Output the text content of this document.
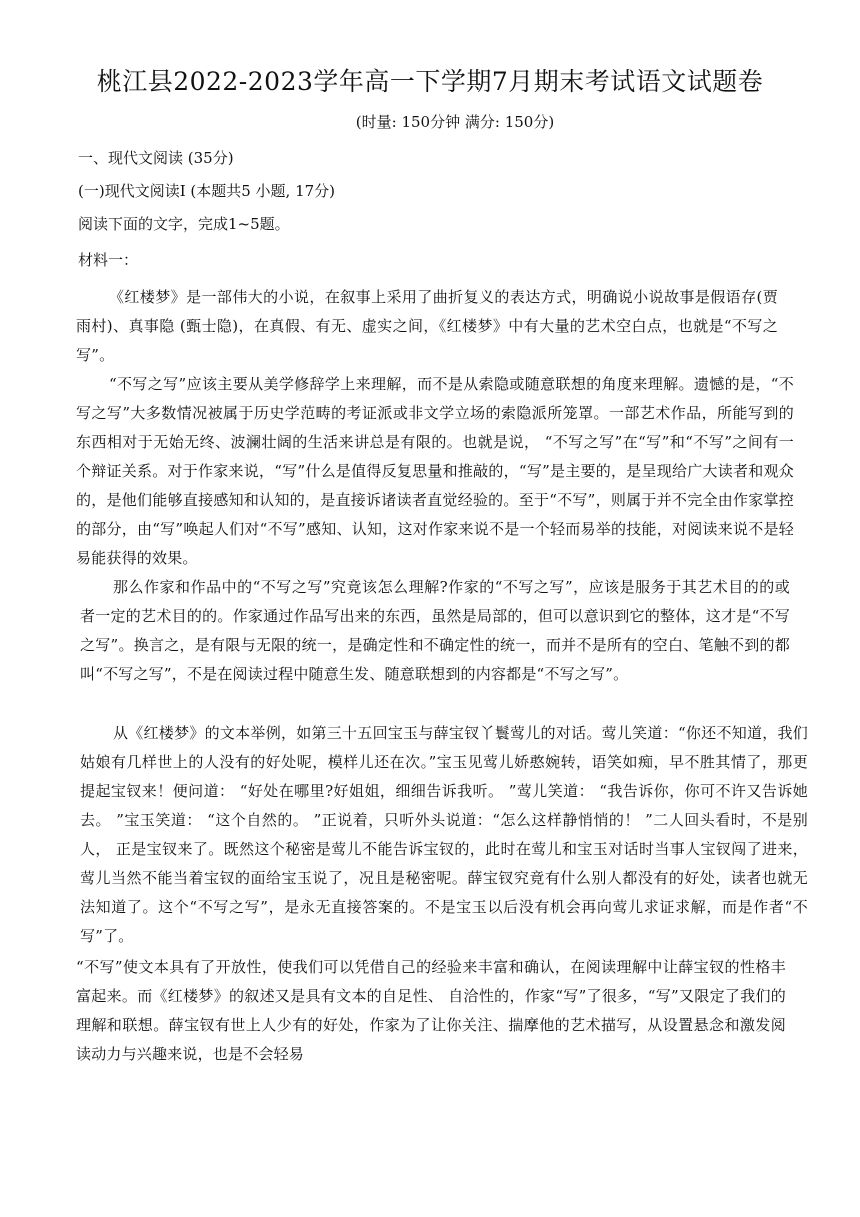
桃江县2022-2023学年高一下学期7月期末考试语文试题卷
(时量: 150分钟 满分: 150分)
一、现代文阅读 (35分)
(一)现代文阅读Ⅰ (本题共5 小题, 17分)
阅读下面的文字，完成1~5题。
材料一：
《红楼梦》是一部伟大的小说，在叙事上采用了曲折复义的表达方式，明确说小说故事是假语存(贾雨村)、真事隐 (甄士隐)，在真假、有无、虚实之间，《红楼梦》中有大量的艺术空白点，也就是“不写之写”。
“不写之写”应该主要从美学修辞学上来理解，而不是从索隐或随意联想的角度来理解。遗憾的是，“不写之写”大多数情况被属于历史学范畴的考证派或非文学立场的索隐派所笼罩。一部艺术作品，所能写到的东西相对于无始无终、波澜壮阔的生活来讲总是有限的。也就是说， “不写之写”在“写”和“不写”之间有一个辩证关系。对于作家来说，“写”什么是值得反复思量和推敲的，“写”是主要的，是呈现给广大读者和观众的，是他们能够直接感知和认知的，是直接诉诸读者直觉经验的。至于“不写”，则属于并不完全由作家掌控的部分，由“写”唤起人们对“不写”感知、认知，这对作家来说不是一个轻而易举的技能，对阅读来说不是轻易能获得的效果。
那么作家和作品中的“不写之写”究竟该怎么理解?作家的“不写之写”，应该是服务于其艺术目的的或者一定的艺术目的的。作家通过作品写出来的东西，虽然是局部的，但可以意识到它的整体，这才是“不写之写”。换言之，是有限与无限的统一，是确定性和不确定性的统一，而并不是所有的空白、笔触不到的都叫“不写之写”，不是在阅读过程中随意生发、随意联想到的内容都是“不写之写”。
从《红楼梦》的文本举例，如第三十五回宝玉与薛宝钗丫鬟莺儿的对话。莺儿笑道：“你还不知道，我们姑娘有几样世上的人没有的好处呢，模样儿还在次。”宝玉见莺儿娇憨婉转，语笑如痴，早不胜其情了，那更提起宝钗来！便问道： “好处在哪里?好姐姐，细细告诉我听。 ”莺儿笑道： “我告诉你，你可不许又告诉她去。 ”宝玉笑道： “这个自然的。 ”正说着，只听外头说道：“怎么这样静悄悄的！ ”二人回头看时，不是别人， 正是宝钗来了。既然这个秘密是莺儿不能告诉宝钗的，此时在莺儿和宝玉对话时当事人宝钗闯了进来，莺儿当然不能当着宝钗的面给宝玉说了，况且是秘密呢。薛宝钗究竟有什么别人都没有的好处，读者也就无法知道了。这个“不写之写”，是永无直接答案的。不是宝玉以后没有机会再向莺儿求证求解，而是作者“不写”了。
“不写”使文本具有了开放性，使我们可以凭借自己的经验来丰富和确认，在阅读理解中让薛宝钗的性格丰富起来。而《红楼梦》的叙述又是具有文本的自足性、 自洽性的，作家“写”了很多，“写”又限定了我们的理解和联想。薛宝钗有世上人少有的好处，作家为了让你关注、揣摩他的艺术描写，从设置悬念和激发阅读动力与兴趣来说，也是不会轻易
